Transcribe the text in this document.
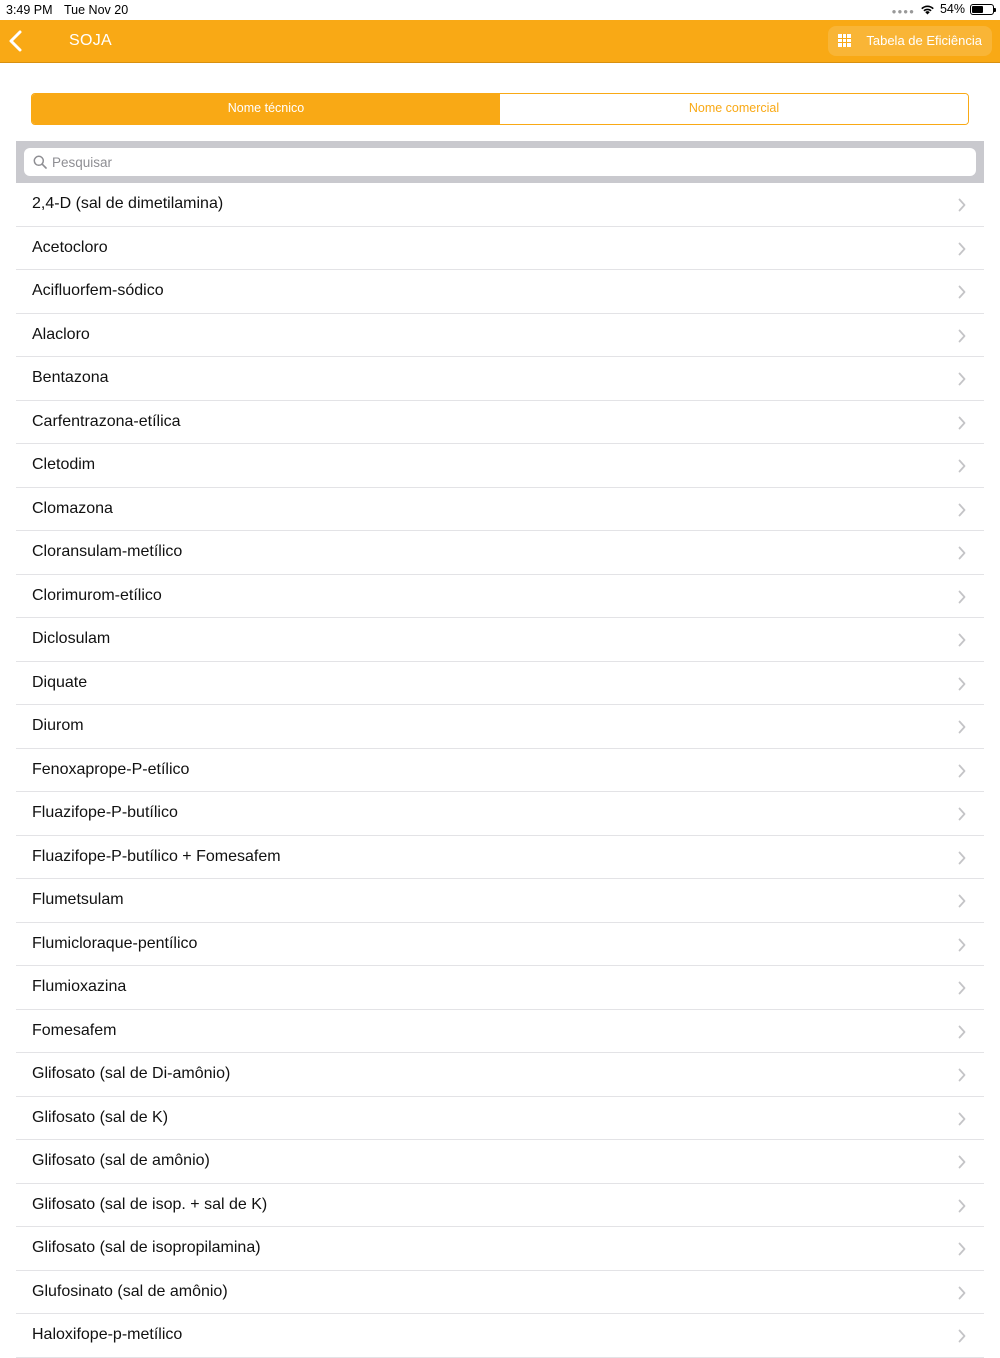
3:49 PM Tue Nov 20	●●●● 54%
SOJA	Tabela de Eficiência
Nome técnico	Nome comercial
Pesquisar
2,4-D (sal de dimetilamina)
Acetocloro
Acifluorfem-sódico
Alacloro
Bentazona
Carfentrazona-etílica
Cletodim
Clomazona
Cloransulam-metílico
Clorimurom-etílico
Diclosulam
Diquate
Diurom
Fenoxaprope-P-etílico
Fluazifope-P-butílico
Fluazifope-P-butílico + Fomesafem
Flumetsulam
Flumicloraque-pentílico
Flumioxazina
Fomesafem
Glifosato (sal de Di-amônio)
Glifosato (sal de K)
Glifosato (sal de amônio)
Glifosato (sal de isop. + sal de K)
Glifosato (sal de isopropilamina)
Glufosinato (sal de amônio)
Haloxifope-p-metílico
